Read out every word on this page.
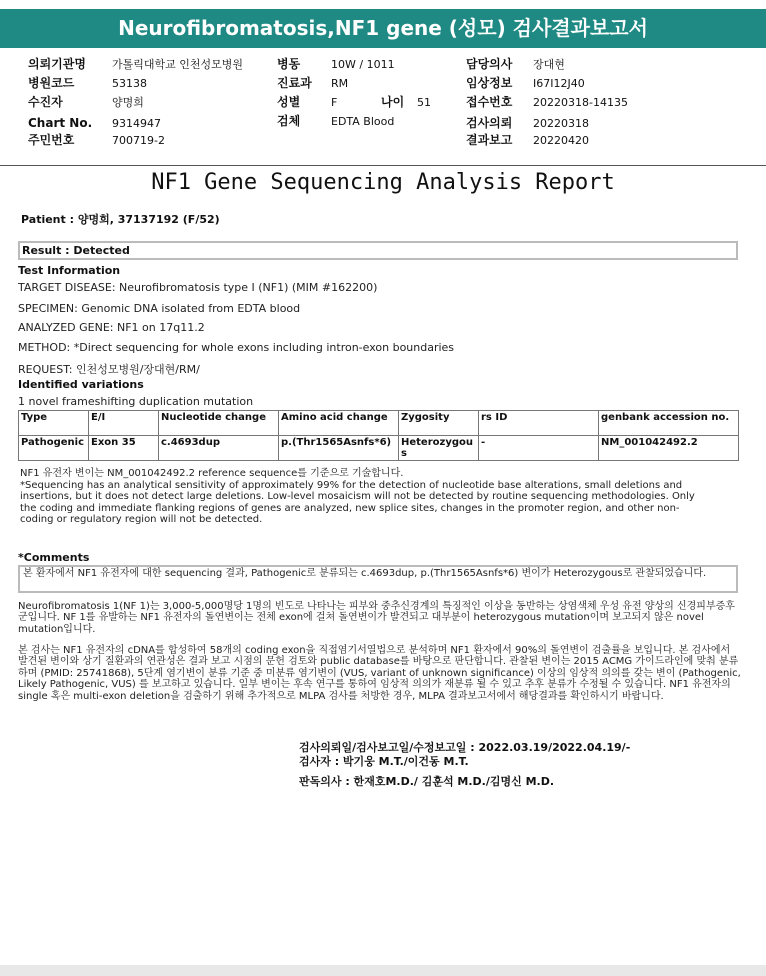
Neurofibromatosis,NF1 gene (성모) 검사결과보고서
의뢰기관명 가톨릭대학교 인천성모병원
병원코드	53138
수진자	양명희
Chart No. 9314947
주민번호	700719-2
병동	10W / 1011
진료과 RM
성별	F	나이 51
검체	EDTA Blood
담당의사 장대현
임상정보 I67I12J40
접수번호 20220318-14135
검사의뢰 20220318
결과보고 20220420
NF1 Gene Sequencing Analysis Report
Patient : 양명희, 37137192 (F/52)
Result : Detected
Test Information
TARGET DISEASE: Neurofibromatosis type I (NF1) (MIM #162200)
SPECIMEN: Genomic DNA isolated from EDTA blood
ANALYZED GENE: NF1 on 17q11.2
METHOD: *Direct sequencing for whole exons including intron-exon boundaries
REQUEST: 인천성모병원/장대현/RM/
Identified variations
1 novel frameshifting duplication mutation
Type	E/I	Nucleotide change	Amino acid change	Zygosity	rs ID	genbank accession no.
Pathogenic	Exon 35	c.4693dup	p.(Thr1565Asnfs*6)	Heterozygous	-	NM_001042492.2
NF1 유전자 변이는 NM_001042492.2 reference sequence를 기준으로 기술합니다.
*Sequencing has an analytical sensitivity of approximately 99% for the detection of nucleotide base alterations, small deletions and insertions, but it does not detect large deletions. Low-level mosaicism will not be detected by routine sequencing methodologies. Only the coding and immediate flanking regions of genes are analyzed, new splice sites, changes in the promoter region, and other non-coding or regulatory region will not be detected.
*Comments
본 환자에서 NF1 유전자에 대한 sequencing 결과, Pathogenic로 분류되는 c.4693dup, p.(Thr1565Asnfs*6) 변이가 Heterozygous로 관찰되었습니다.
Neurofibromatosis 1(NF 1)는 3,000-5,000명당 1명의 빈도로 나타나는 피부와 중추신경계의 특징적인 이상을 동반하는 상염색체 우성 유전 양상의 신경피부증후군입니다. NF 1를 유발하는 NF1 유전자의 돌연변이는 전체 exon에 걸쳐 돌연변이가 발견되고 대부분이 heterozygous mutation이며 보고되지 않은 novel mutation입니다.
본 검사는 NF1 유전자의 cDNA를 합성하여 58개의 coding exon을 직접염기서열법으로 분석하며 NF1 환자에서 90%의 돌연변이 검출률을 보입니다. 본 검사에서 발견된 변이와 상기 질환과의 연관성은 결과 보고 시점의 문헌 검토와 public database를 바탕으로 판단합니다. 관찰된 변이는 2015 ACMG 가이드라인에 맞춰 분류하며 (PMID: 25741868), 5단계 염기변이 분류 기준 중 미분류 염기변이 (VUS, variant of unknown significance) 이상의 임상적 의의를 갖는 변이 (Pathogenic, Likely Pathogenic, VUS) 를 보고하고 있습니다. 일부 변이는 후속 연구를 통하여 임상적 의의가 재분류 될 수 있고 추후 분류가 수정될 수 있습니다. NF1 유전자의 single 혹은 multi-exon deletion을 검출하기 위해 추가적으로 MLPA 검사를 처방한 경우, MLPA 결과보고서에서 해당결과를 확인하시기 바랍니다.
검사의뢰일/검사보고일/수정보고일 : 2022.03.19/2022.04.19/-
검사자 : 박기웅 M.T./이건동 M.T.
판독의사 : 한재호M.D./ 김훈석 M.D./김명신 M.D.
